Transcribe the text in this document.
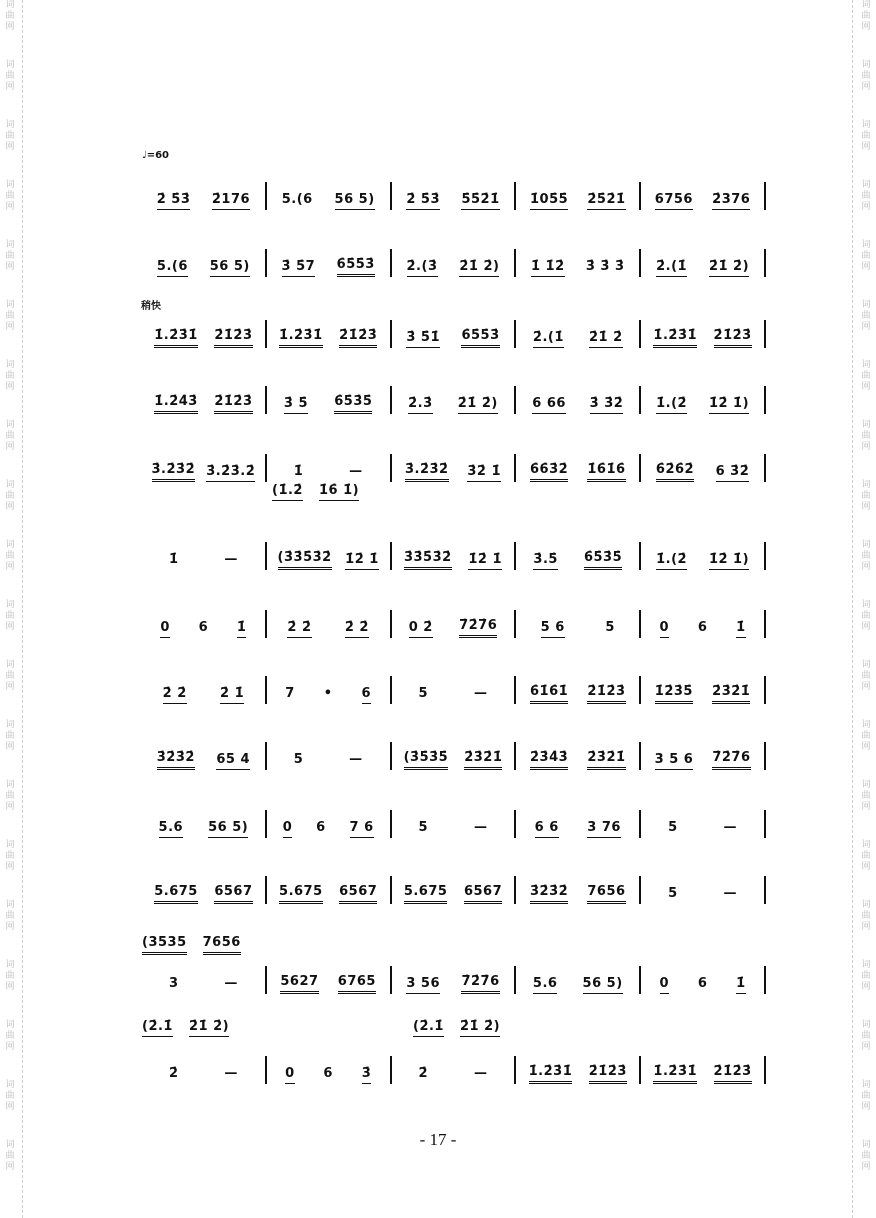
词
曲
网
词
曲
网
词
曲
网
词
曲
网
词
曲
网
词
曲
网
词
曲
网
词
曲
网
词
曲
网
词
曲
网
词
曲
网
词
曲
网
词
曲
网
词
曲
网
词
曲
网
词
曲
网
词
曲
网
词
曲
网
词
曲
网
词
曲
网
词
曲
网
词
曲
网
词
曲
网
词
曲
网
词
曲
网
词
曲
网
词
曲
网
词
曲
网
词
曲
网
词
曲
网
词
曲
网
词
曲
网
词
曲
网
词
曲
网
词
曲
网
词
曲
网
词
曲
网
词
曲
网
词
曲
网
词
曲
网
♩=60
稍快
2̇ 5̇3̇ 2̇176 5.(6 56 5) 2̇ 5̇3̇ 5̇5̇2̇1̇ 1̇05̇5̇ 2̇5̇2̇1̇ 6756 2̇376
5.(6 56 5) 3̇ 5̇7 6̇5̇5̇3̇ 2̇.(3̇ 2̇1̇ 2̇) 1̇ 1̇2̇ 3̇ 3̇ 3̇ 2̇.(1̇ 2̇1̇ 2̇)
1̇.2̇3̇1̇ 2̇1̇2̇3̇ 1̇.2̇3̇1̇ 2̇1̇2̇3̇ 3̇ 5̇1̇ 6̇5̇5̇3̇	2̇.(1̇ 2̇1̇ 2̇ 1̇.2̇3̇1̇ 2̇1̇2̇3̇
1̇.2̇4̇3̇ 2̇1̇2̇3̇ 3̇ 5̇ 6̇5̇3̇5̇	2̇.3̇ 2̇1̇ 2̇)	6 66 3̇ 3̇2̇	1̇.(2̇ 1̇2̇ 1̇)
3̇.2̇3̇2̇ 3̇.2̇3̇.2̇	1̇	—	3̇.2̇3̇2̇ 3̇2̇ 1̇ 6̇6̇3̇2̇ 1̇6̇1̇6̇ 6̇2̇6̇2̇ 6 3̇2̇
1̇	—	(3̇3̇5̇3̇2̇ 1̇2̇ 1̇ 3̇3̇5̇3̇2̇ 1̇2̇ 1̇ 3̇.5̇ 6̇5̇3̇5̇	1̇.(2̇ 1̇2̇ 1̇)
0 6 1̇	2̇ 2̇	2̇ 2̇	0 2̇ 7̇2̇7̇6	5 6	5	0 6 1̇
2̇ 2̇	2̇ 1̇	7 • 6	5	—	6̇1̇6̇1̇ 2̇1̇2̇3̇ 1̇2̇3̇5̇ 2̇3̇2̇1̇
3̇2̇3̇2̇ 65 4	5	—	(3̇5̇3̇5̇ 2̇3̇2̇1̇ 2̇3̇4̇3̇ 2̇3̇2̇1̇ 3 5 6 7̇2̇7̇6
5.6 56 5)	0 6 7 6	5	—	6 6 3 76	5	—
5.675 6567 5.675 6567 5.675 6567 3̇2̇3̇2̇ 7656	5	—
3	—	5627 6765 3 56 7̇2̇7̇6	5.6 56 5)	0 6 1̇
2̇	—	0 6 3̇	2̇	—	1̇.2̇3̇1̇ 2̇1̇2̇3̇ 1̇.2̇3̇1̇ 2̇1̇2̇3̇
(1̇.2̇ 1̇6̇ 1̇)
(3535 7656
(2̇.1̇ 2̇1̇ 2̇)	(2̇.1̇ 2̇1̇ 2̇)
- 17 -
